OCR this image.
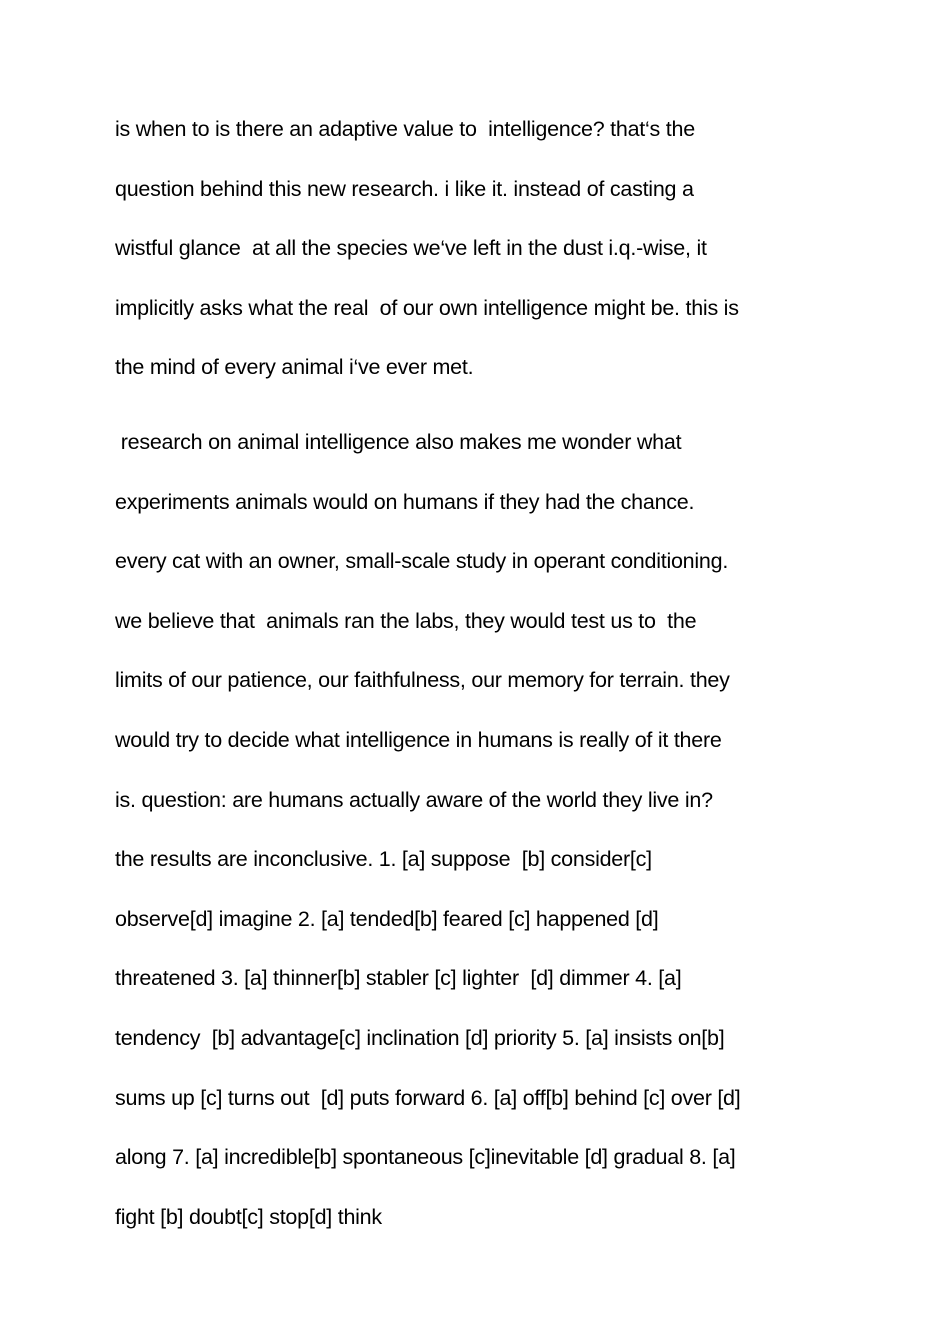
is when to is there an adaptive value to  intelligence? that‘s the
question behind this new research. i like it. instead of casting a
wistful glance  at all the species we‘ve left in the dust i.q.-wise, it
implicitly asks what the real  of our own intelligence might be. this is
the mind of every animal i‘ve ever met.
research on animal intelligence also makes me wonder what
experiments animals would on humans if they had the chance.
every cat with an owner, small-scale study in operant conditioning.
we believe that  animals ran the labs, they would test us to  the
limits of our patience, our faithfulness, our memory for terrain. they
would try to decide what intelligence in humans is really of it there
is. question: are humans actually aware of the world they live in?
the results are inconclusive. 1. [a] suppose  [b] consider[c]
observe[d] imagine 2. [a] tended[b] feared [c] happened [d]
threatened 3. [a] thinner[b] stabler [c] lighter  [d] dimmer 4. [a]
tendency  [b] advantage[c] inclination [d] priority 5. [a] insists on[b]
sums up [c] turns out  [d] puts forward 6. [a] off[b] behind [c] over [d]
along 7. [a] incredible[b] spontaneous [c]inevitable [d] gradual 8. [a]
fight [b] doubt[c] stop[d] think
